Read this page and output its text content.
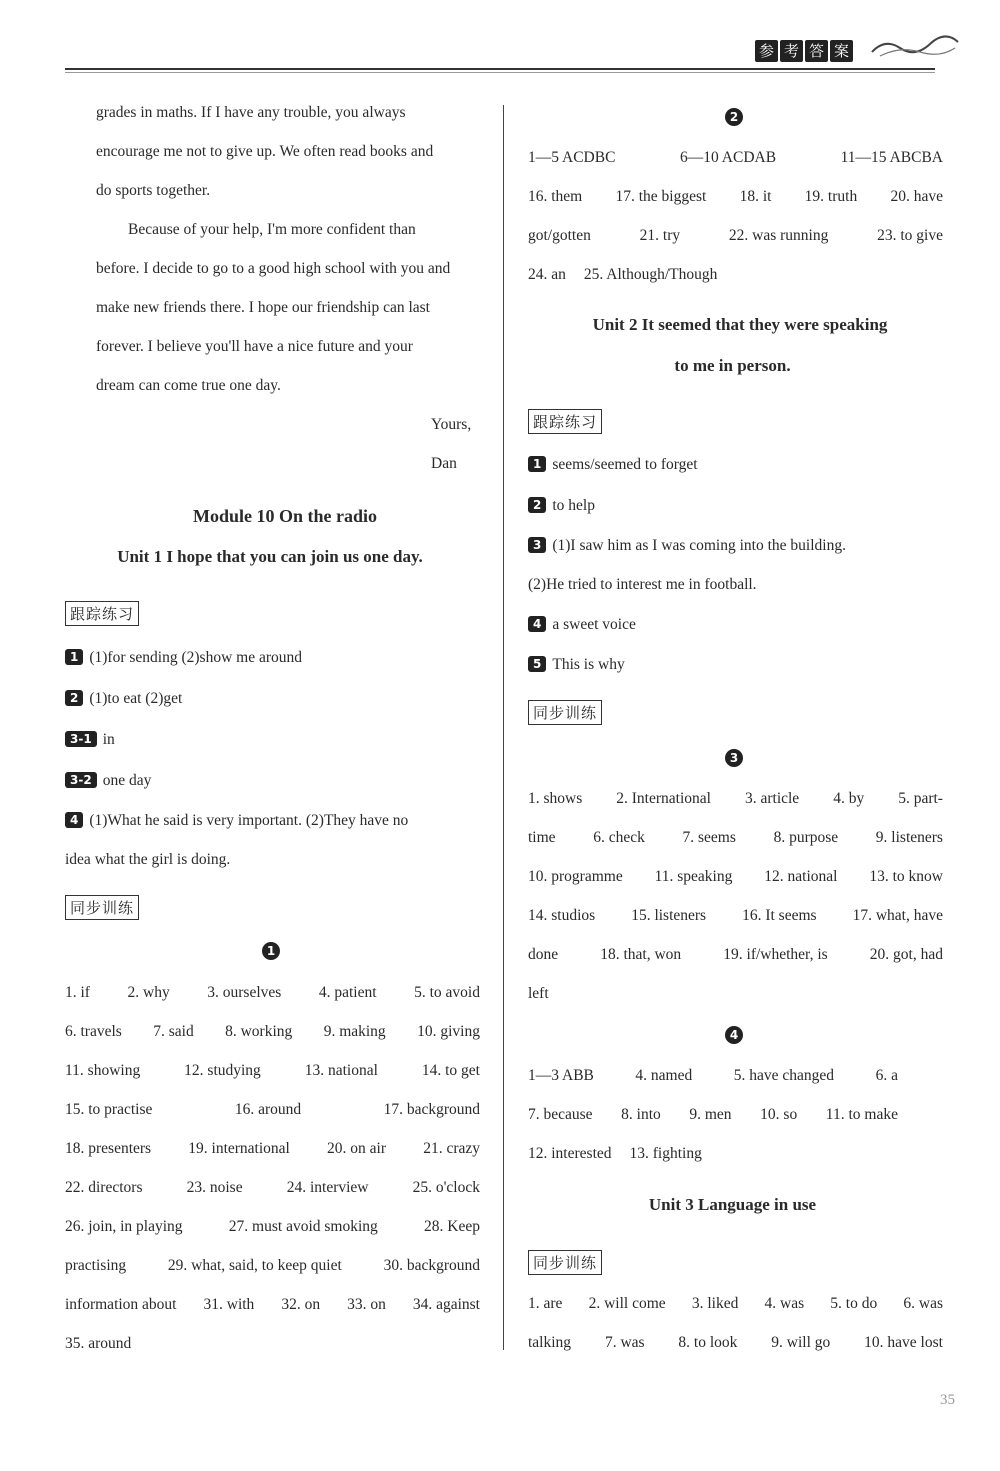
参 考 答 案
grades in maths. If I have any trouble, you always
encourage me not to give up. We often read books and
do sports together.
Because of your help, I'm more confident than
before. I decide to go to a good high school with you and
make new friends there. I hope our friendship can last
forever. I believe you'll have a nice future and your
dream can come true one day.
Yours,
Dan
Module 10 On the radio
Unit 1 I hope that you can join us one day.
跟踪练习
1 (1)for sending (2)show me around
2 (1)to eat (2)get
3-1 in
3-2 one day
4 (1)What he said is very important. (2)They have no
idea what the girl is doing.
同步训练
1
1. if 2. why 3. ourselves 4. patient 5. to avoid
6. travels 7. said 8. working 9. making 10. giving
11. showing	12. studying	13. national	14. to get
15. to practise	16. around	17. background
18. presenters 19. international 20. on air 21. crazy
22. directors	23. noise	24. interview	25. o'clock
26. join, in playing	27. must avoid smoking	28. Keep
practising	29. what, said, to keep quiet	30. background
information about 31. with 32. on 33. on 34. against
35. around
2
1—5 ACDBC	6—10 ACDAB	11—15 ABCBA
16. them 17. the biggest 18. it 19. truth 20. have
got/gotten	21. try	22. was running	23. to give
24. an 25. Although/Though
Unit 2 It seemed that they were speaking
to me in person.
跟踪练习
1 seems/seemed to forget
2 to help
3 (1)I saw him as I was coming into the building.
(2)He tried to interest me in football.
4 a sweet voice
5 This is why
同步训练
3
1. shows 2. International 3. article 4. by 5. part-
time 6. check 7. seems 8. purpose 9. listeners
10. programme 11. speaking 12. national 13. to know
14. studios 15. listeners 16. It seems 17. what, have
done	18. that, won	19. if/whether, is	20. got, had
left
4
1—3 ABB	4. named	5. have changed	6. a
7. because 8. into 9. men 10. so 11. to make
12. interested 13. fighting
Unit 3 Language in use
同步训练
1. are 2. will come 3. liked 4. was 5. to do 6. was
talking 7. was 8. to look 9. will go 10. have lost
35
